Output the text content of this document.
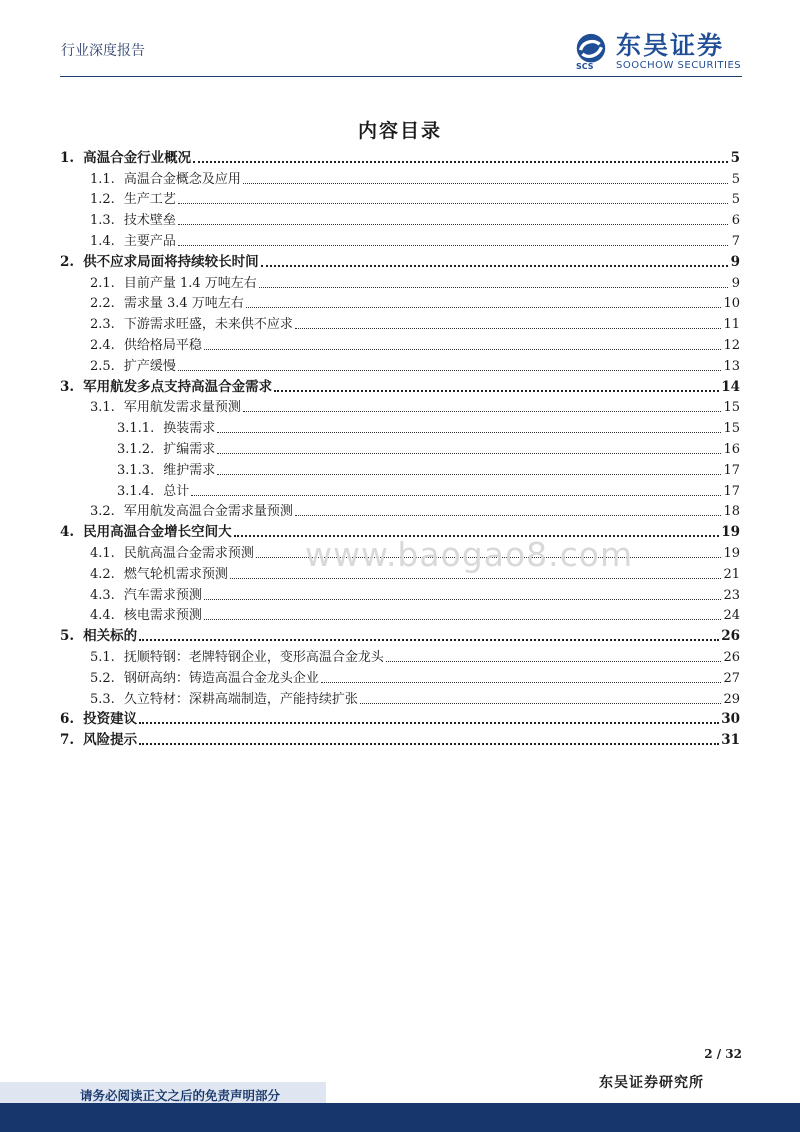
行业深度报告
SCS
东吴证券
SOOCHOW SECURITIES
内容目录
1. 高温合金行业概况	5
1.1. 高温合金概念及应用	5
1.2. 生产工艺	5
1.3. 技术壁垒	6
1.4. 主要产品	7
2. 供不应求局面将持续较长时间	9
2.1. 目前产量 1.4 万吨左右	9
2.2. 需求量 3.4 万吨左右	10
2.3. 下游需求旺盛，未来供不应求	11
2.4. 供给格局平稳	12
2.5. 扩产缓慢	13
3. 军用航发多点支持高温合金需求	14
3.1. 军用航发需求量预测	15
3.1.1. 换装需求	15
3.1.2. 扩编需求	16
3.1.3. 维护需求	17
3.1.4. 总计	17
3.2. 军用航发高温合金需求量预测	18
4. 民用高温合金增长空间大	19
4.1. 民航高温合金需求预测	19
4.2. 燃气轮机需求预测	21
4.3. 汽车需求预测	23
4.4. 核电需求预测	24
5. 相关标的	26
5.1. 抚顺特钢：老牌特钢企业，变形高温合金龙头	26
5.2. 钢研高纳：铸造高温合金龙头企业	27
5.3. 久立特材：深耕高端制造，产能持续扩张	29
6. 投资建议	30
7. 风险提示	31
www.baogao8.com
2 / 32
东吴证券研究所
请务必阅读正文之后的免责声明部分
